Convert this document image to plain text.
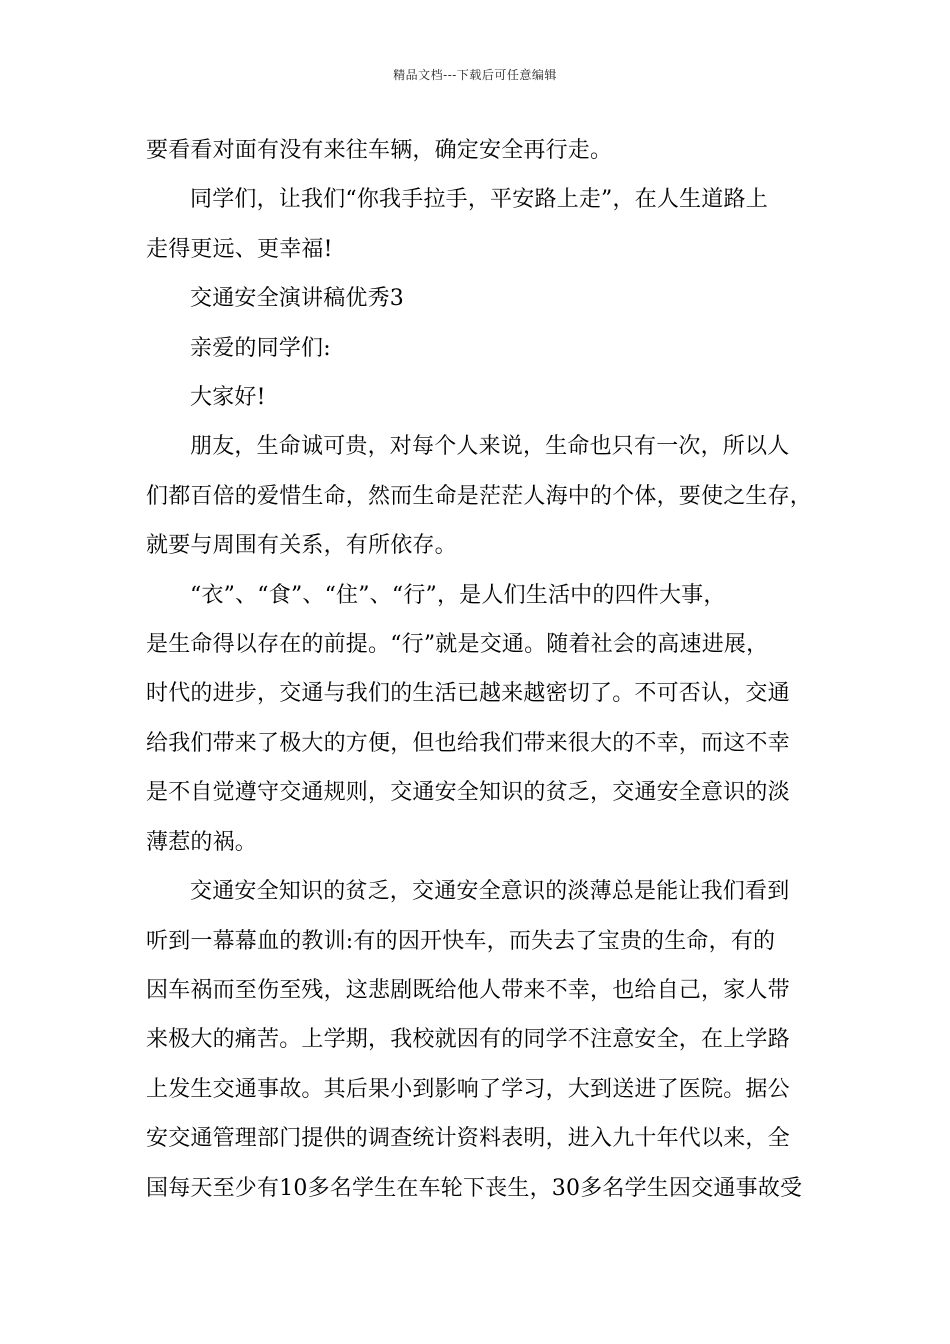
精品文档---下载后可任意编辑

要看看对面有没有来往车辆，确定安全再行走。

同学们，让我们“你我手拉手，平安路上走”，在人生道路上
走得更远、更幸福!

交通安全演讲稿优秀3

亲爱的同学们:

大家好!

朋友，生命诚可贵，对每个人来说，生命也只有一次，所以人
们都百倍的爱惜生命，然而生命是茫茫人海中的个体，要使之生存，
就要与周围有关系，有所依存。

“衣”、“食”、“住”、“行”，是人们生活中的四件大事，
是生命得以存在的前提。“行”就是交通。随着社会的高速进展，
时代的进步，交通与我们的生活已越来越密切了。不可否认，交通
给我们带来了极大的方便，但也给我们带来很大的不幸，而这不幸
是不自觉遵守交通规则，交通安全知识的贫乏，交通安全意识的淡
薄惹的祸。

交通安全知识的贫乏，交通安全意识的淡薄总是能让我们看到
听到一幕幕血的教训:有的因开快车，而失去了宝贵的生命，有的
因车祸而至伤至残，这悲剧既给他人带来不幸，也给自己，家人带
来极大的痛苦。上学期，我校就因有的同学不注意安全，在上学路
上发生交通事故。其后果小到影响了学习，大到送进了医院。据公
安交通管理部门提供的调查统计资料表明，进入九十年代以来，全
国每天至少有10多名学生在车轮下丧生，30多名学生因交通事故受
